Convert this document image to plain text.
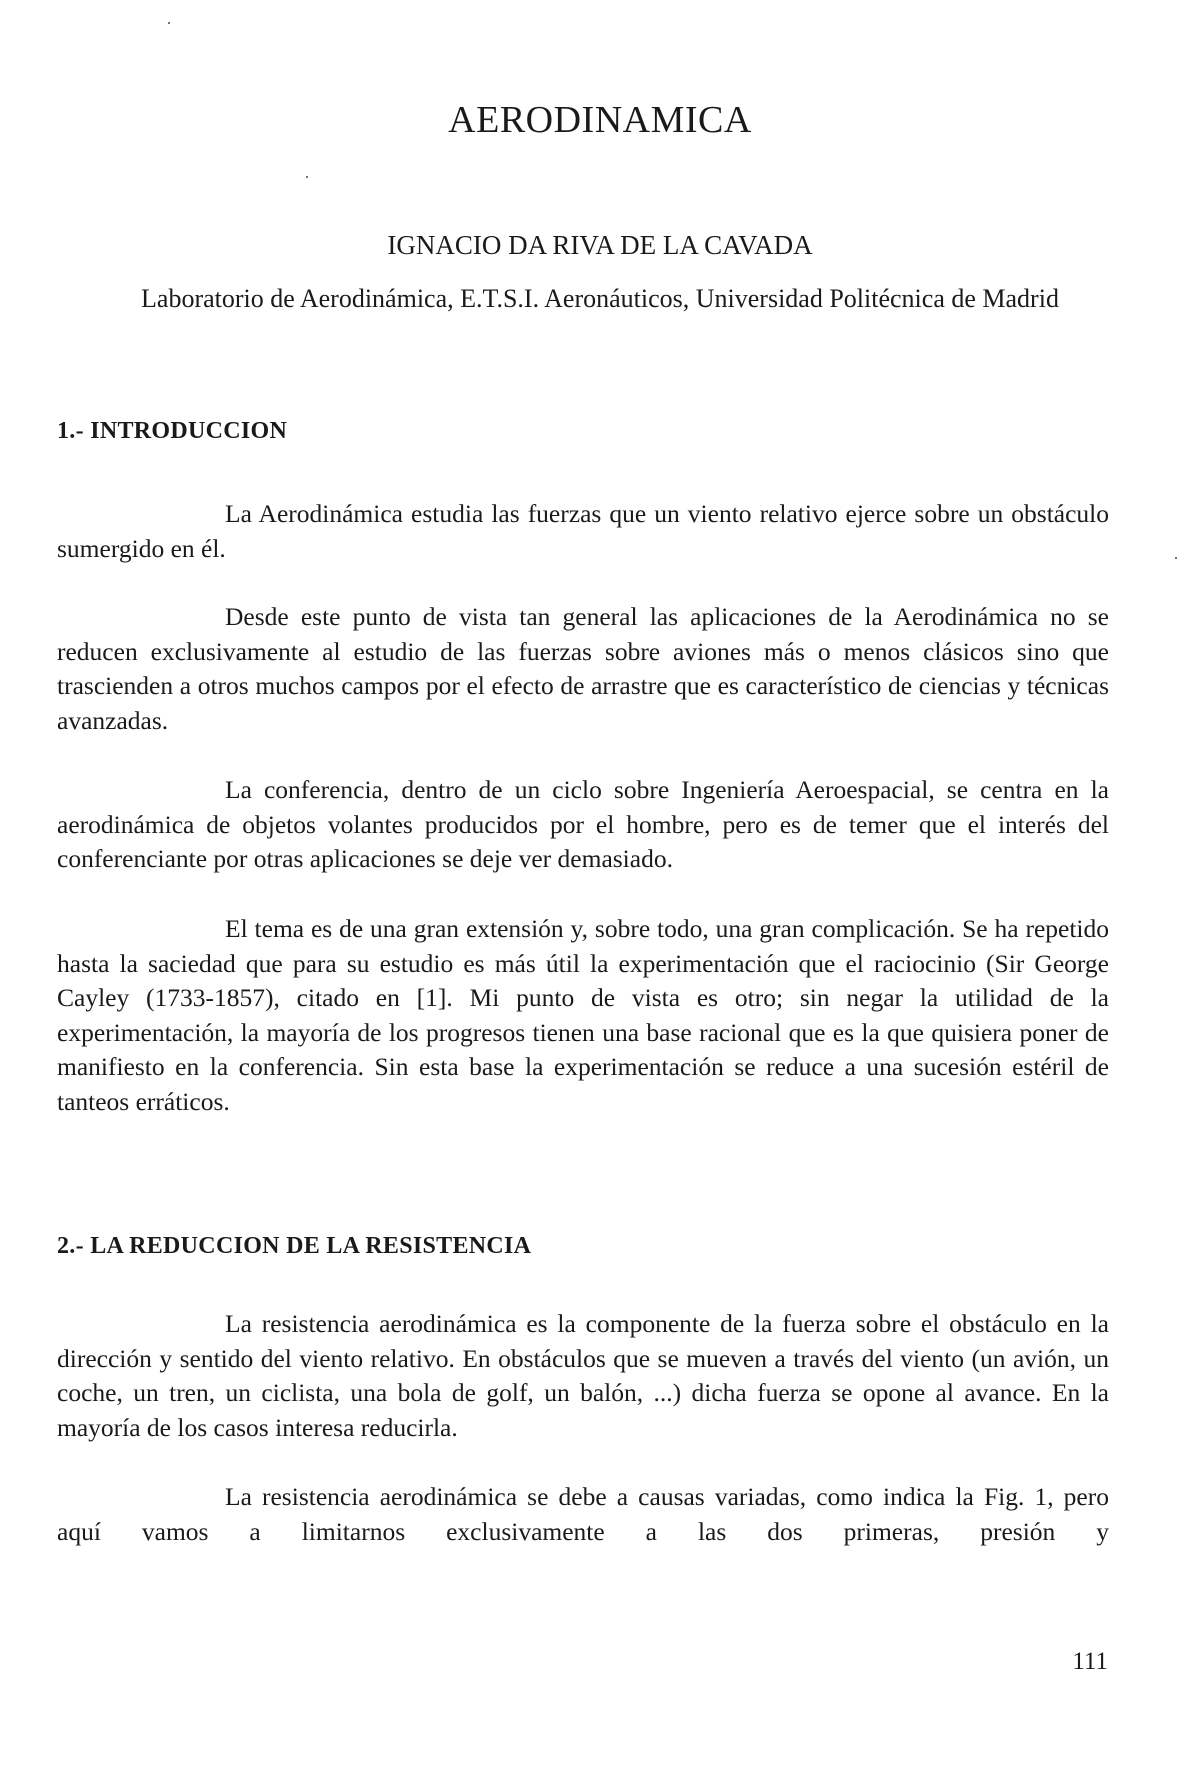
AERODINAMICA
IGNACIO DA RIVA DE LA CAVADA
Laboratorio de Aerodinámica, E.T.S.I. Aeronáuticos, Universidad Politécnica de Madrid
1.- INTRODUCCION

La Aerodinámica estudia las fuerzas que un viento relativo ejerce sobre un obstáculo sumergido en él.

Desde este punto de vista tan general las aplicaciones de la Aerodinámica no se reducen exclusivamente al estudio de las fuerzas sobre aviones más o menos clásicos sino que trascienden a otros muchos campos por el efecto de arrastre que es característico de ciencias y técnicas avanzadas.

La conferencia, dentro de un ciclo sobre Ingeniería Aeroespacial, se centra en la aerodinámica de objetos volantes producidos por el hombre, pero es de temer que el interés del conferenciante por otras aplicaciones se deje ver demasiado.

El tema es de una gran extensión y, sobre todo, una gran complicación. Se ha repetido hasta la saciedad que para su estudio es más útil la experimentación que el raciocinio (Sir George Cayley (1733-1857), citado en [1]. Mi punto de vista es otro; sin negar la utilidad de la experimentación, la mayoría de los progresos tienen una base racional que es la que quisiera poner de manifiesto en la conferencia. Sin esta base la experimentación se reduce a una sucesión estéril de tanteos erráticos.

2.- LA REDUCCION DE LA RESISTENCIA

La resistencia aerodinámica es la componente de la fuerza sobre el obstáculo en la dirección y sentido del viento relativo. En obstáculos que se mueven a través del viento (un avión, un coche, un tren, un ciclista, una bola de golf, un balón, ...) dicha fuerza se opone al avance. En la mayoría de los casos interesa reducirla.

La resistencia aerodinámica se debe a causas variadas, como indica la Fig. 1, pero aquí vamos a limitarnos exclusivamente a las dos primeras, presión y

111
